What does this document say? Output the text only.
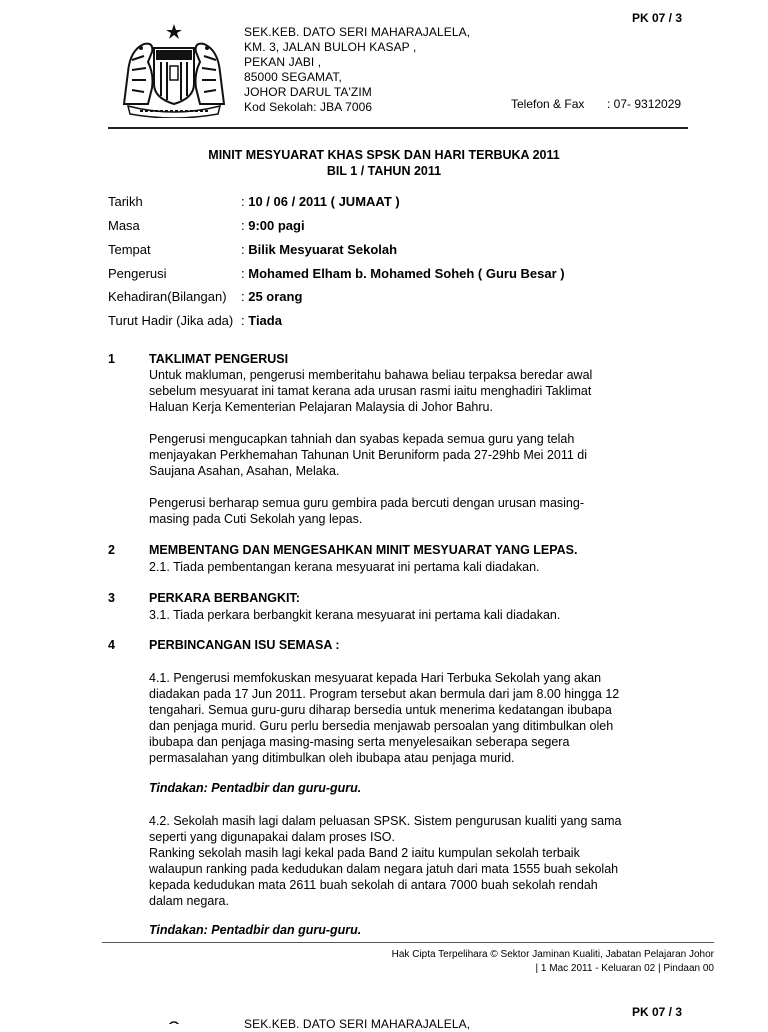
PK 07 / 3
SEK.KEB. DATO SERI MAHARAJALELA,
KM. 3, JALAN BULOH KASAP ,
PEKAN JABI ,
85000 SEGAMAT,
JOHOR DARUL TA'ZIM
Kod Sekolah: JBA 7006	Telefon & Fax : 07- 9312029
MINIT MESYUARAT KHAS SPSK DAN HARI TERBUKA 2011
BIL 1 / TAHUN 2011
Tarikh	: 10 / 06 / 2011 ( JUMAAT )
Masa	: 9:00 pagi
Tempat	: Bilik Mesyuarat Sekolah
Pengerusi	: Mohamed Elham b. Mohamed Soheh ( Guru Besar )
Kehadiran(Bilangan) : 25 orang
Turut Hadir (Jika ada) : Tiada
1	TAKLIMAT PENGERUSI
Untuk makluman, pengerusi memberitahu bahawa beliau terpaksa beredar awal
sebelum mesyuarat ini tamat kerana ada urusan rasmi iaitu menghadiri Taklimat
Haluan Kerja Kementerian Pelajaran Malaysia di Johor Bahru.
Pengerusi mengucapkan tahniah dan syabas kepada semua guru yang telah
menjayakan Perkhemahan Tahunan Unit Beruniform pada 27-29hb Mei 2011 di
Saujana Asahan, Asahan, Melaka.
Pengerusi berharap semua guru gembira pada bercuti dengan urusan masing-
masing pada Cuti Sekolah yang lepas.
2	MEMBENTANG DAN MENGESAHKAN MINIT MESYUARAT YANG LEPAS.
2.1. Tiada pembentangan kerana mesyuarat ini pertama kali diadakan.
3	PERKARA BERBANGKIT:
3.1. Tiada perkara berbangkit kerana mesyuarat ini pertama kali diadakan.
4	PERBINCANGAN ISU SEMASA :
4.1. Pengerusi memfokuskan mesyuarat kepada Hari Terbuka Sekolah yang akan
diadakan pada 17 Jun 2011. Program tersebut akan bermula dari jam 8.00 hingga 12
tengahari. Semua guru-guru diharap bersedia untuk menerima kedatangan ibubapa
dan penjaga murid. Guru perlu bersedia menjawab persoalan yang ditimbulkan oleh
ibubapa dan penjaga masing-masing serta menyelesaikan seberapa segera
permasalahan yang ditimbulkan oleh ibubapa atau penjaga murid.
Tindakan: Pentadbir dan guru-guru.
4.2. Sekolah masih lagi dalam peluasan SPSK. Sistem pengurusan kualiti yang sama
seperti yang digunapakai dalam proses ISO.
Ranking sekolah masih lagi kekal pada Band 2 iaitu kumpulan sekolah terbaik
walaupun ranking pada kedudukan dalam negara jatuh dari mata 1555 buah sekolah
kepada kedudukan mata 2611 buah sekolah di antara 7000 buah sekolah rendah
dalam negara.
Tindakan: Pentadbir dan guru-guru.
Hak Cipta Terpelihara © Sektor Jaminan Kualiti, Jabatan Pelajaran Johor
| 1 Mac 2011 - Keluaran 02 | Pindaan 00
PK 07 / 3
SEK.KEB. DATO SERI MAHARAJALELA,
